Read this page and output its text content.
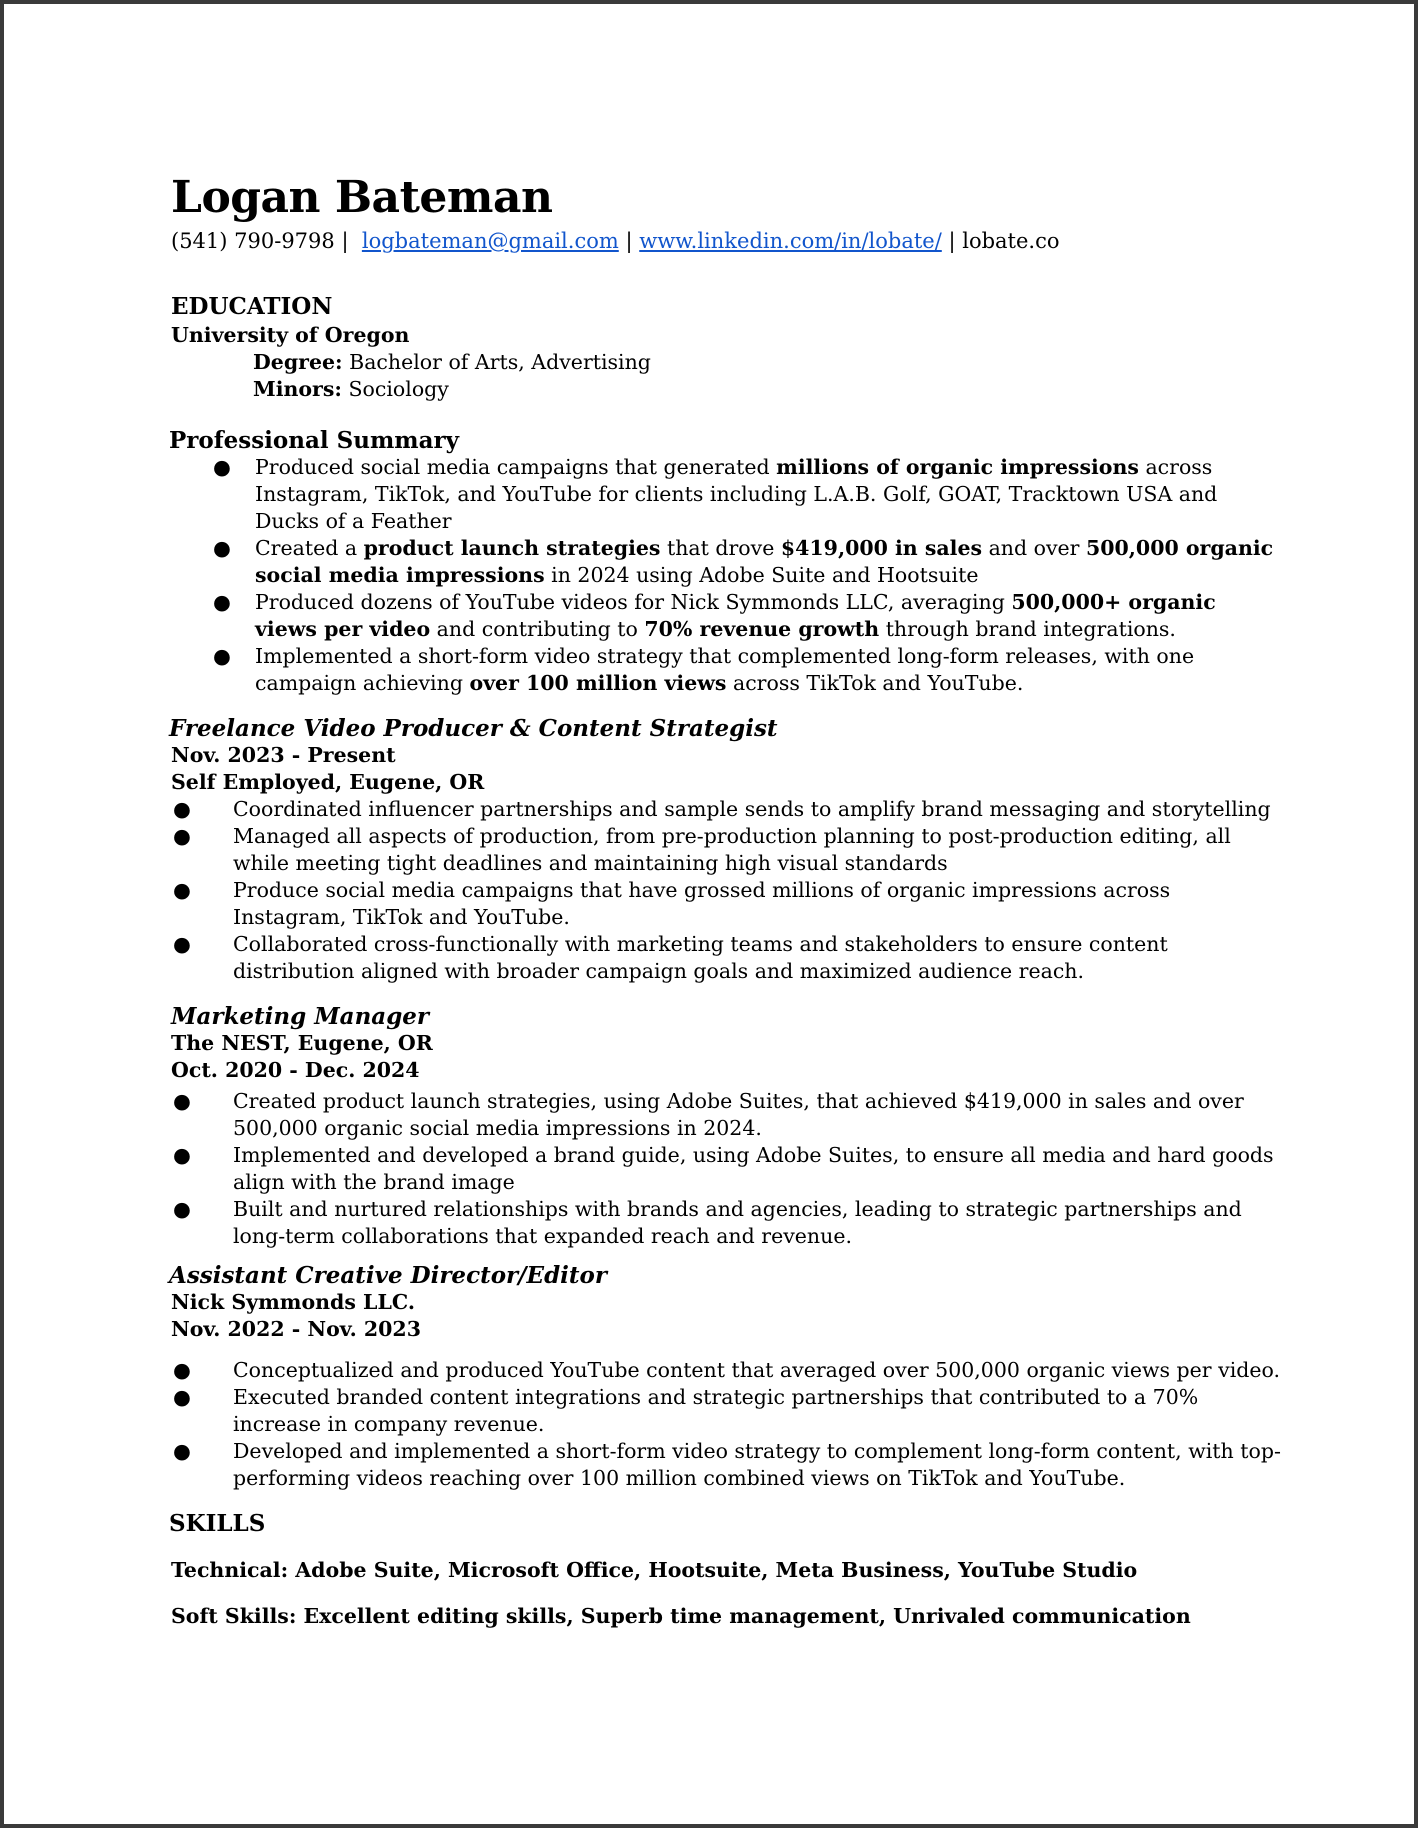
Logan Bateman
(541) 790-9798 | logbateman@gmail.com | www.linkedin.com/in/lobate/ | lobate.co
EDUCATION
University of Oregon
Degree: Bachelor of Arts, Advertising
Minors: Sociology
Professional Summary
● Produced social media campaigns that generated millions of organic impressions across Instagram, TikTok, and YouTube for clients including L.A.B. Golf, GOAT, Tracktown USA and Ducks of a Feather
● Created a product launch strategies that drove $419,000 in sales and over 500,000 organic social media impressions in 2024 using Adobe Suite and Hootsuite
● Produced dozens of YouTube videos for Nick Symmonds LLC, averaging 500,000+ organic views per video and contributing to 70% revenue growth through brand integrations.
● Implemented a short-form video strategy that complemented long-form releases, with one campaign achieving over 100 million views across TikTok and YouTube.
Freelance Video Producer & Content Strategist
Nov. 2023 - Present
Self Employed, Eugene, OR
● Coordinated influencer partnerships and sample sends to amplify brand messaging and storytelling
● Managed all aspects of production, from pre-production planning to post-production editing, all while meeting tight deadlines and maintaining high visual standards
● Produce social media campaigns that have grossed millions of organic impressions across Instagram, TikTok and YouTube.
● Collaborated cross-functionally with marketing teams and stakeholders to ensure content distribution aligned with broader campaign goals and maximized audience reach.
Marketing Manager
The NEST, Eugene, OR
Oct. 2020 - Dec. 2024
● Created product launch strategies, using Adobe Suites, that achieved $419,000 in sales and over 500,000 organic social media impressions in 2024.
● Implemented and developed a brand guide, using Adobe Suites, to ensure all media and hard goods align with the brand image
● Built and nurtured relationships with brands and agencies, leading to strategic partnerships and long-term collaborations that expanded reach and revenue.
Assistant Creative Director/Editor
Nick Symmonds LLC.
Nov. 2022 - Nov. 2023
● Conceptualized and produced YouTube content that averaged over 500,000 organic views per video.
● Executed branded content integrations and strategic partnerships that contributed to a 70% increase in company revenue.
● Developed and implemented a short-form video strategy to complement long-form content, with top-performing videos reaching over 100 million combined views on TikTok and YouTube.
SKILLS
Technical: Adobe Suite, Microsoft Office, Hootsuite, Meta Business, YouTube Studio
Soft Skills: Excellent editing skills, Superb time management, Unrivaled communication
